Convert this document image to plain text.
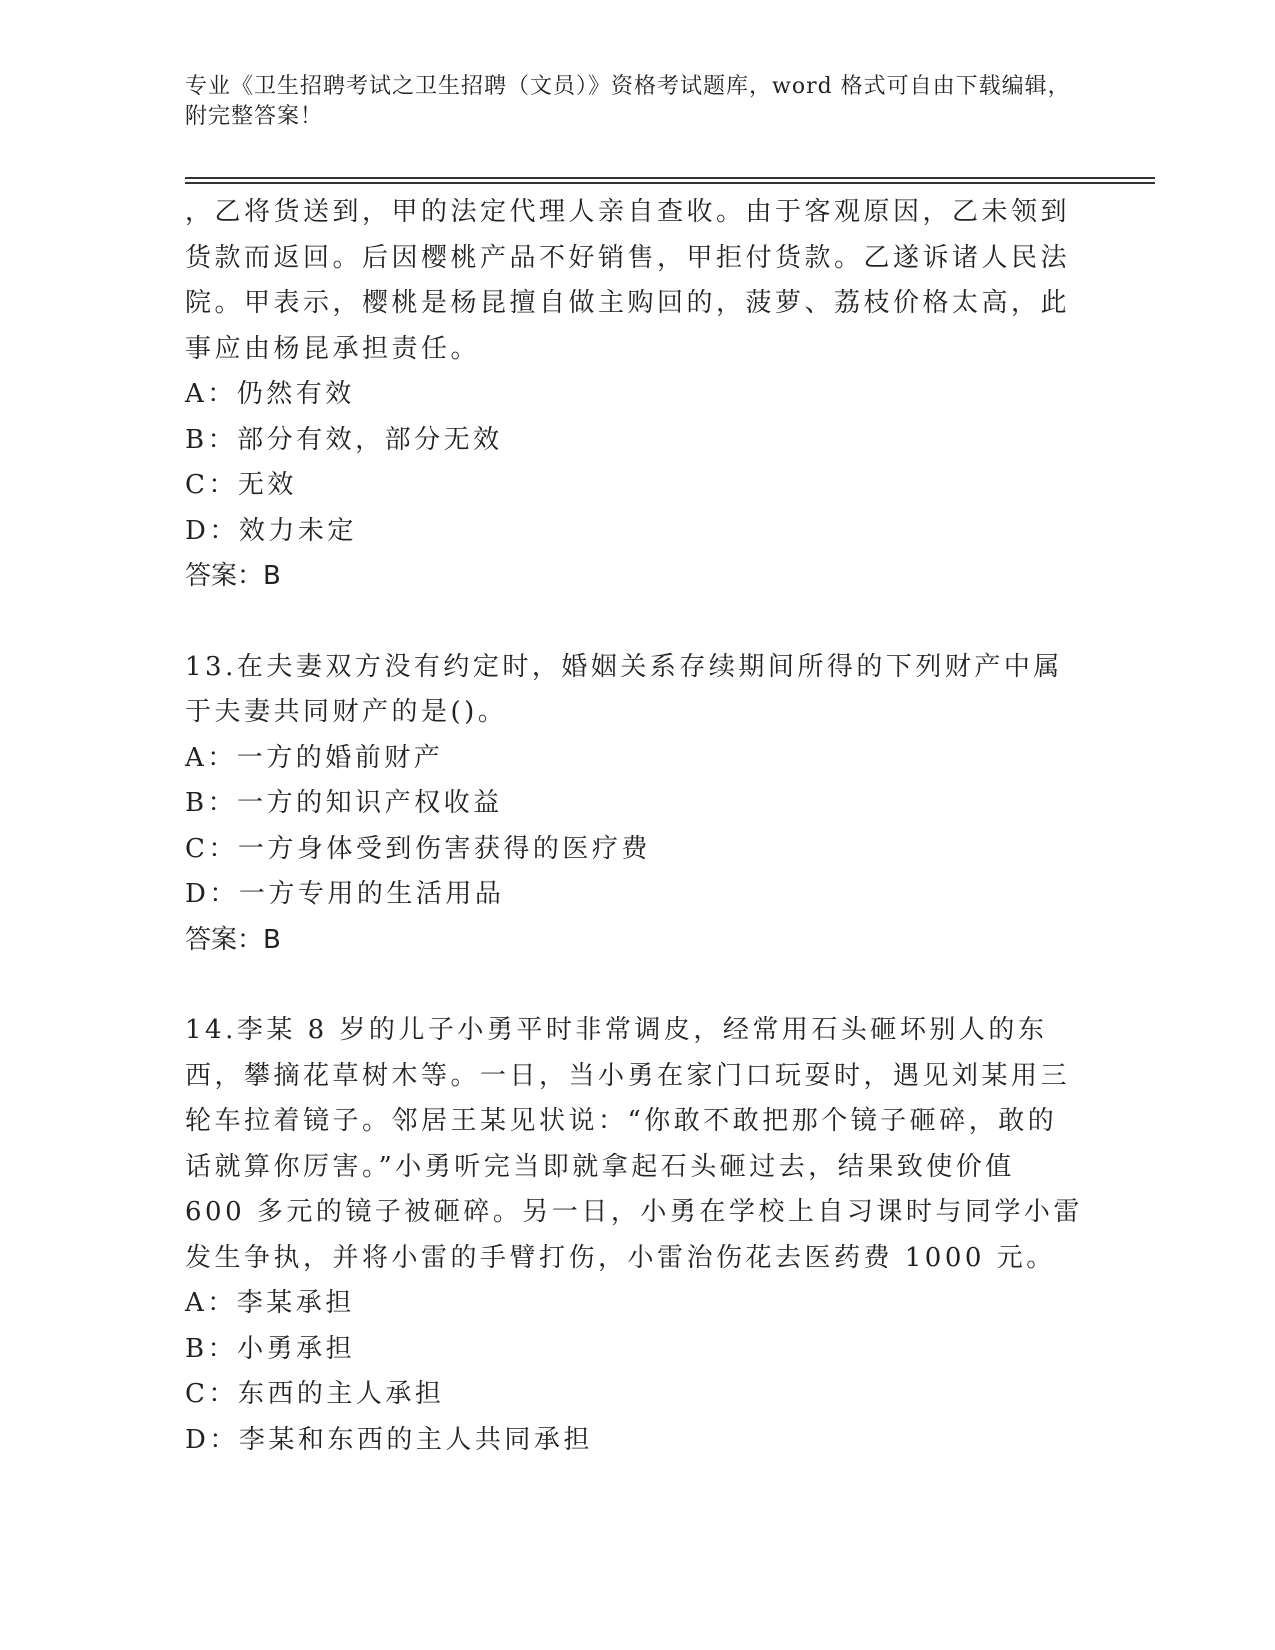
专业《卫生招聘考试之卫生招聘（文员）》资格考试题库，word 格式可自由下载编辑，附完整答案！

，乙将货送到，甲的法定代理人亲自查收。由于客观原因，乙未领到货款而返回。后因樱桃产品不好销售，甲拒付货款。乙遂诉诸人民法院。甲表示，樱桃是杨昆擅自做主购回的，菠萝、荔枝价格太高，此事应由杨昆承担责任。

A：仍然有效

B：部分有效，部分无效

C：无效

D：效力未定

答案：B

13.在夫妻双方没有约定时，婚姻关系存续期间所得的下列财产中属于夫妻共同财产的是()。

A：一方的婚前财产

B：一方的知识产权收益

C：一方身体受到伤害获得的医疗费

D：一方专用的生活用品

答案：B

14.李某 8 岁的儿子小勇平时非常调皮，经常用石头砸坏别人的东西，攀摘花草树木等。一日，当小勇在家门口玩耍时，遇见刘某用三轮车拉着镜子。邻居王某见状说：“你敢不敢把那个镜子砸碎，敢的话就算你厉害。”小勇听完当即就拿起石头砸过去，结果致使价值 600 多元的镜子被砸碎。另一日，小勇在学校上自习课时与同学小雷发生争执，并将小雷的手臂打伤，小雷治伤花去医药费 1000 元。

A：李某承担

B：小勇承担

C：东西的主人承担

D：李某和东西的主人共同承担
